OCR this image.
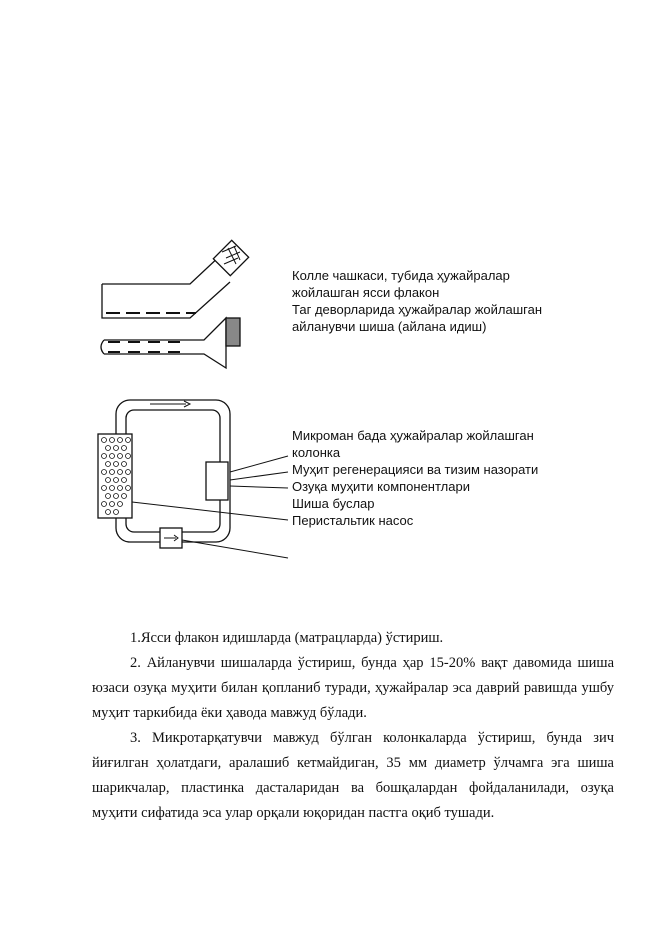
Колле чашкаси, тубида ҳужайралар
жойлашган ясси флакон
Таг деворларида ҳужайралар жойлашган
айланувчи шиша (айлана идиш)
Микроман бада ҳужайралар жойлашган
колонка
Муҳит регенерацияси ва тизим назорати
Озуқа муҳити компонентлари
Шиша буслар
Перистальтик насос

1.Ясси флакон идишларда (матрацларда) ўстириш.

2. Айланувчи шишаларда ўстириш, бунда ҳар 15-20% вақт давомида шиша юзаси озуқа муҳити билан қопланиб туради, ҳужайралар эса даврий равишда ушбу муҳит таркибида ёки ҳавода мавжуд бўлади.

3. Микротарқатувчи мавжуд бўлган колонкаларда ўстириш, бунда зич йиғилган ҳолатдаги, аралашиб кетмайдиган, 35 мм диаметр ўлчамга эга шиша шарикчалар, пластинка дасталаридан ва бошқалардан фойдаланилади, озуқа муҳити сифатида эса улар орқали юқоридан пастга оқиб тушади.
